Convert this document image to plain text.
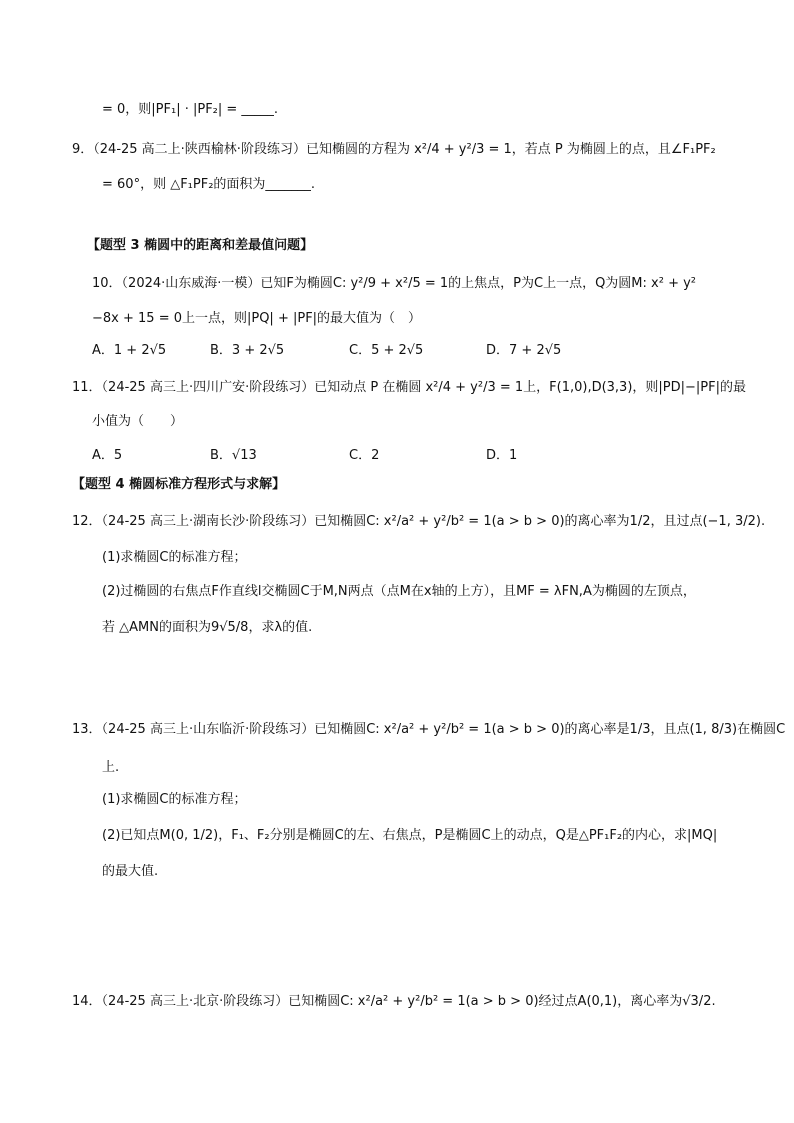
= 0，则|PF₁| · |PF₂| = _____.
9．（24-25 高二上·陕西榆林·阶段练习）已知椭圆的方程为 x²/4 + y²/3 = 1，若点 P 为椭圆上的点，且∠F₁PF₂
= 60°，则 △F₁PF₂的面积为_______.
【题型 3 椭圆中的距离和差最值问题】
10．（2024·山东威海·一模）已知F为椭圆C: y²/9 + x²/5 = 1的上焦点，P为C上一点，Q为圆M: x² + y²
−8x + 15 = 0上一点，则|PQ| + |PF|的最大值为（　）
A．1 + 2√5	B．3 + 2√5	C．5 + 2√5	D．7 + 2√5
11．（24-25 高三上·四川广安·阶段练习）已知动点 P 在椭圆 x²/4 + y²/3 = 1上，F(1,0),D(3,3)，则|PD|−|PF|的最
小值为（　　）
A．5	B．√13	C．2	D．1
【题型 4 椭圆标准方程形式与求解】
12．（24-25 高三上·湖南长沙·阶段练习）已知椭圆C: x²/a² + y²/b² = 1(a > b > 0)的离心率为1/2，且过点(−1, 3/2).
(1)求椭圆C的标准方程；
(2)过椭圆的右焦点F作直线l交椭圆C于M,N两点（点M在x轴的上方），且MF = λFN,A为椭圆的左顶点，
若 △AMN的面积为9√5/8，求λ的值.
13．（24-25 高三上·山东临沂·阶段练习）已知椭圆C: x²/a² + y²/b² = 1(a > b > 0)的离心率是1/3，且点(1, 8/3)在椭圆C
上.
(1)求椭圆C的标准方程；
(2)已知点M(0, 1/2)，F₁、F₂分别是椭圆C的左、右焦点，P是椭圆C上的动点，Q是△PF₁F₂的内心，求|MQ|
的最大值.
14．（24-25 高三上·北京·阶段练习）已知椭圆C: x²/a² + y²/b² = 1(a > b > 0)经过点A(0,1)，离心率为√3/2.
